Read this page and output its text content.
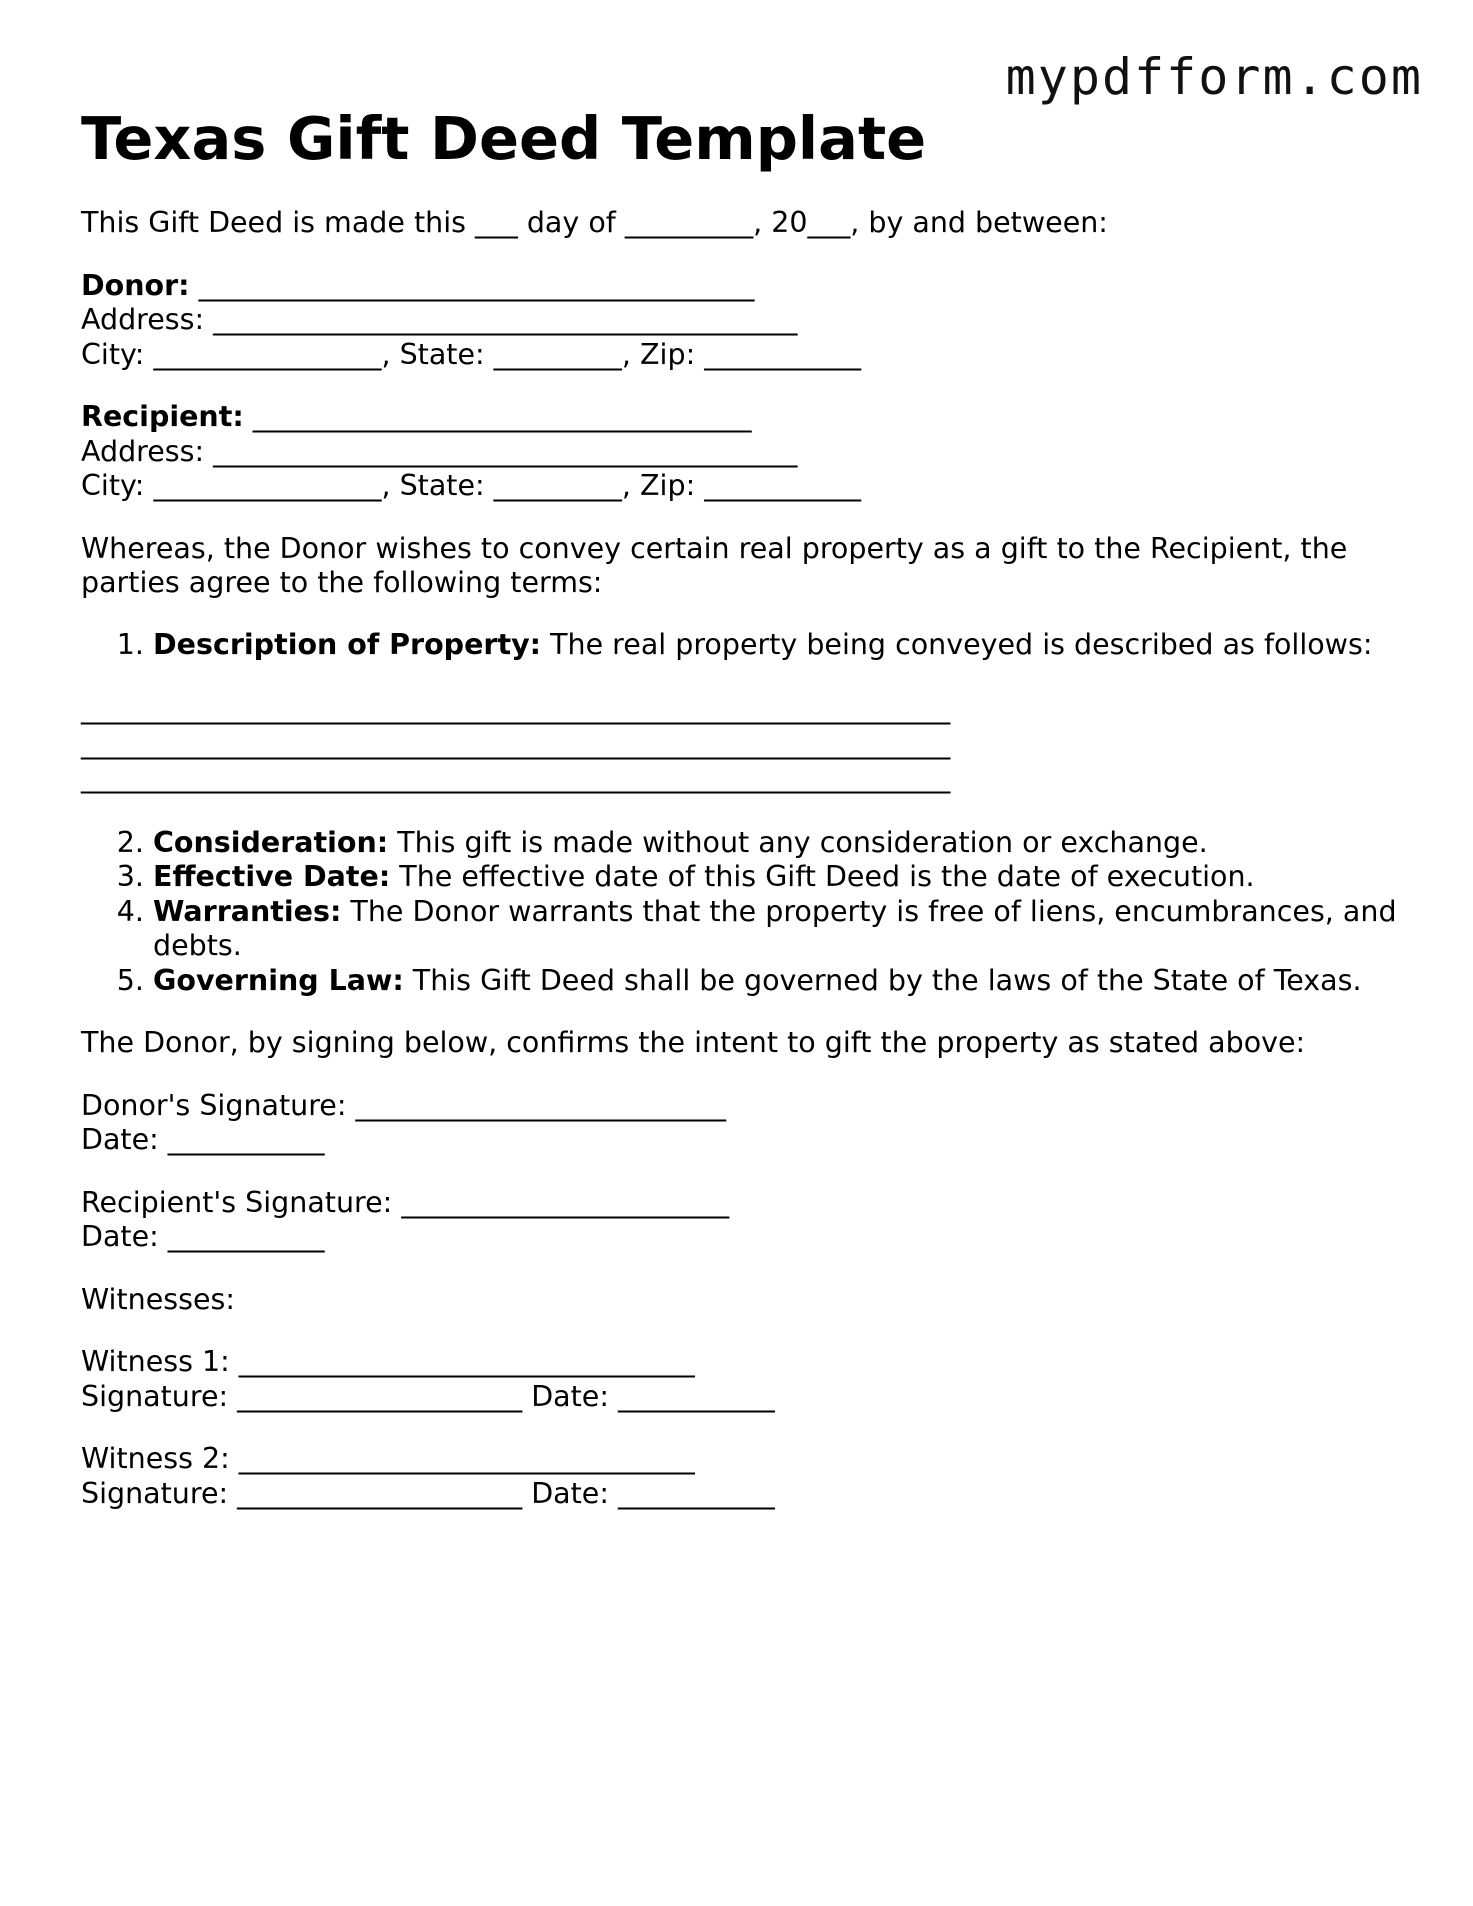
mypdfform.com
Texas Gift Deed Template

This Gift Deed is made this ___ day of _________, 20___, by and between:

Donor: _______________________________________

Address: _________________________________________

City: ________________, State: _________, Zip: ___________

Recipient: ___________________________________

Address: _________________________________________

City: ________________, State: _________, Zip: ___________

Whereas, the Donor wishes to convey certain real property as a gift to the Recipient, the parties agree to the following terms:

1. Description of Property: The real property being conveyed is described as follows:

_____________________________________________________________

_____________________________________________________________

_____________________________________________________________

2. Consideration: This gift is made without any consideration or exchange.
3. Effective Date: The effective date of this Gift Deed is the date of execution.
4. Warranties: The Donor warrants that the property is free of liens, encumbrances, and debts.
5. Governing Law: This Gift Deed shall be governed by the laws of the State of Texas.

The Donor, by signing below, confirms the intent to gift the property as stated above:

Donor's Signature: __________________________

Date: ___________

Recipient's Signature: _______________________

Date: ___________

Witnesses:

Witness 1: ________________________________

Signature: ____________________ Date: ___________

Witness 2: ________________________________

Signature: ____________________ Date: ___________
